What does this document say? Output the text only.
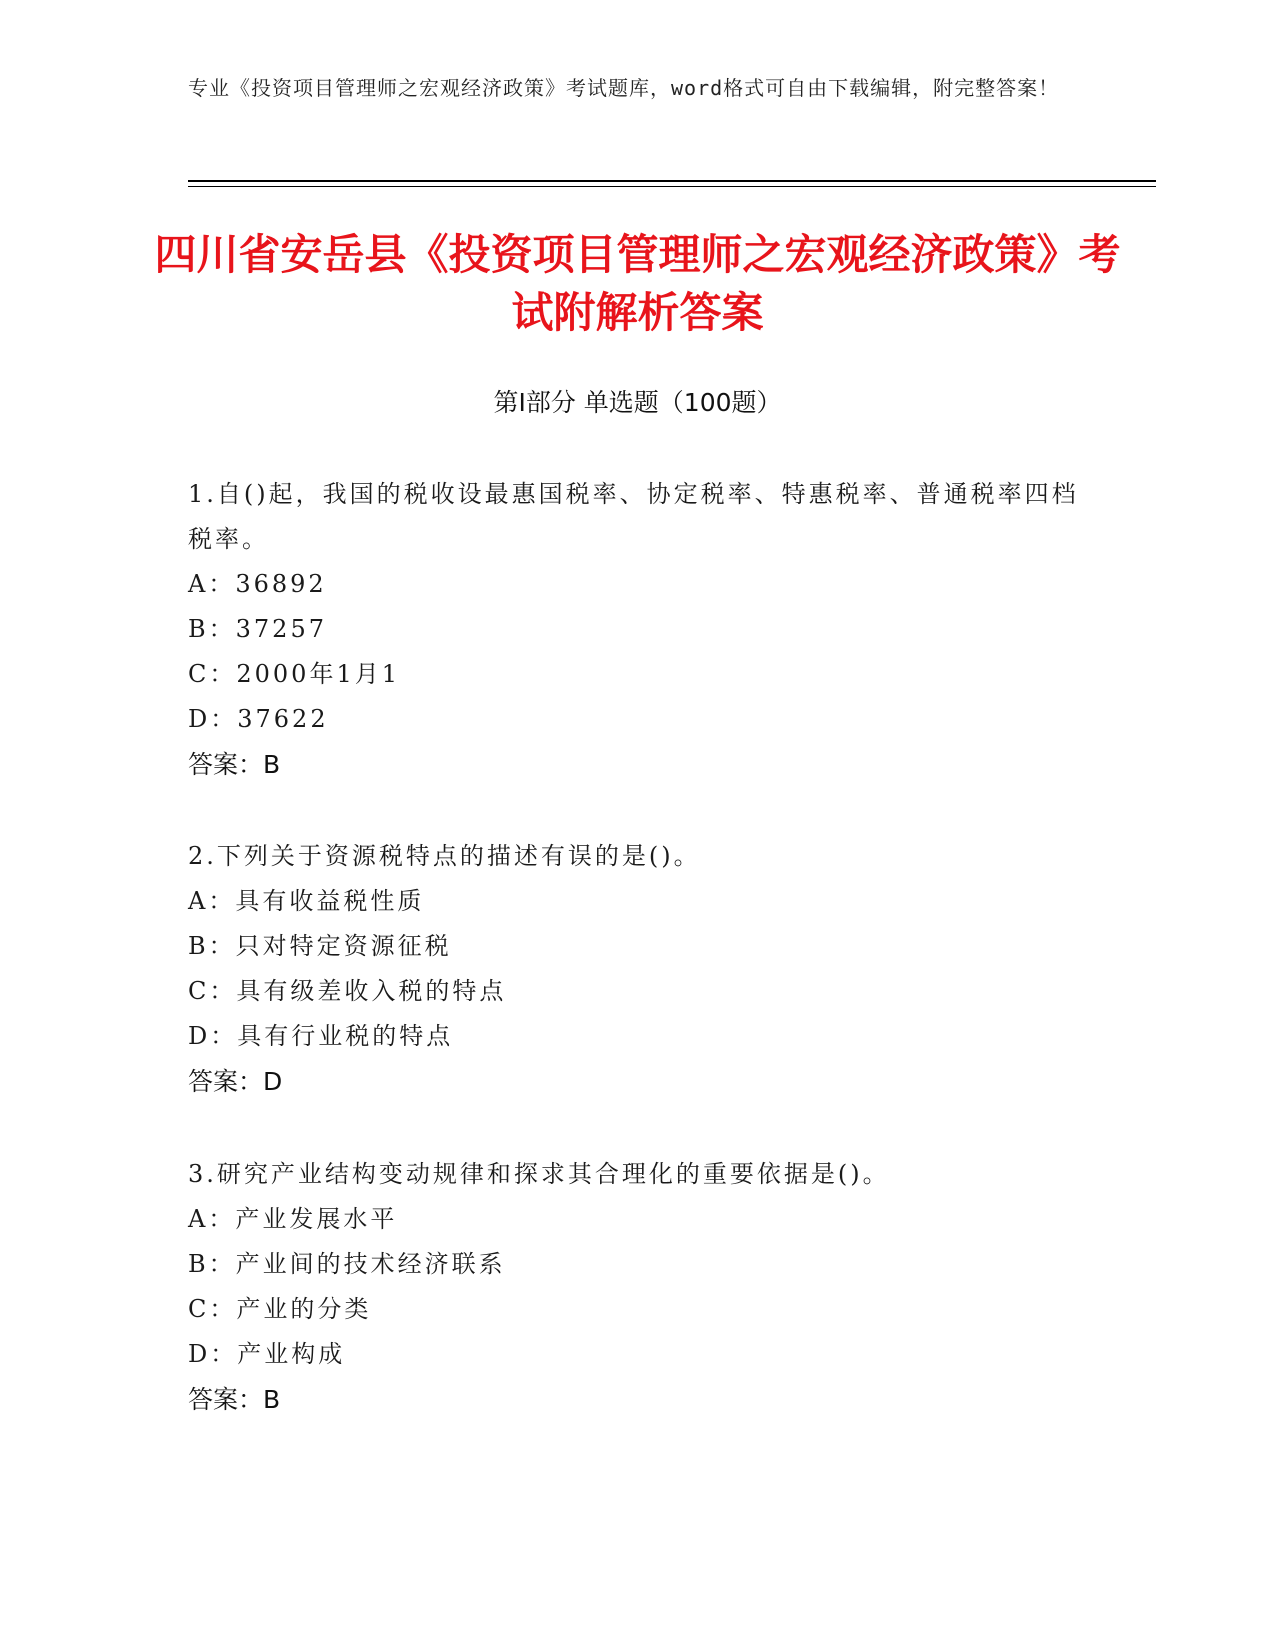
专业《投资项目管理师之宏观经济政策》考试题库，word格式可自由下载编辑，附完整答案！
四川省安岳县《投资项目管理师之宏观经济政策》考试附解析答案
第I部分 单选题（100题）
1.自()起，我国的税收设最惠国税率、协定税率、特惠税率、普通税率四档税率。
A：36892
B：37257
C：2000年1月1
D：37622
答案：B
2.下列关于资源税特点的描述有误的是()。
A：具有收益税性质
B：只对特定资源征税
C：具有级差收入税的特点
D：具有行业税的特点
答案：D
3.研究产业结构变动规律和探求其合理化的重要依据是()。
A：产业发展水平
B：产业间的技术经济联系
C：产业的分类
D：产业构成
答案：B
